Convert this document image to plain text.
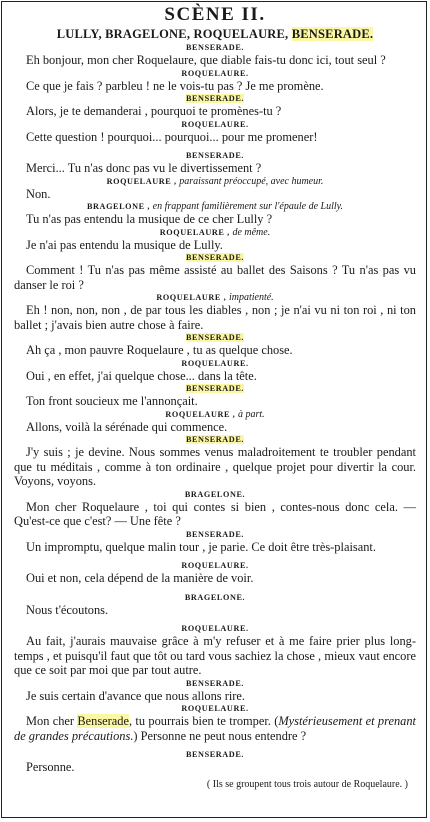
SCÈNE II.
LULLY, BRAGELONE, ROQUELAURE, BENSERADE.
BENSERADE.

Eh bonjour, mon cher Roquelaure, que diable fais-tu donc ici, tout seul ?

ROQUELAURE.

Ce que je fais ? parbleu ! ne le vois-tu pas ? Je me promène.

BENSERADE.

Alors, je te demanderai , pourquoi te promènes-tu ?

ROQUELAURE.

Cette question ! pourquoi... pourquoi... pour me promener!

BENSERADE.

Merci... Tu n'as donc pas vu le divertissement ?

ROQUELAURE , paraissant préoccupé, avec humeur.

Non.

BRAGELONE , en frappant familièrement sur l'épaule de Lully.

Tu n'as pas entendu la musique de ce cher Lully ?

ROQUELAURE , de même.

Je n'ai pas entendu la musique de Lully.

BENSERADE.

Comment ! Tu n'as pas même assisté au ballet des Saisons ? Tu n'as pas vu danser le roi ?

ROQUELAURE , impatienté.

Eh ! non, non, non , de par tous les diables , non ; je n'ai vu ni ton roi , ni ton ballet ; j'avais bien autre chose à faire.

BENSERADE.

Ah ça , mon pauvre Roquelaure , tu as quelque chose.

ROQUELAURE.

Oui , en effet, j'ai quelque chose... dans la tête.

BENSERADE.

Ton front soucieux me l'annonçait.

ROQUELAURE , à part.

Allons, voilà la sérénade qui commence.

BENSERADE.

J'y suis ; je devine. Nous sommes venus maladroitement te troubler pendant que tu méditais , comme à ton ordinaire , quelque projet pour divertir la cour. Voyons, voyons.

BRAGELONE.

Mon cher Roquelaure , toi qui contes si bien , contes-nous donc cela. — Qu'est-ce que c'est? — Une fête ?

BENSERADE.

Un impromptu, quelque malin tour , je parie. Ce doit être très-plaisant.

ROQUELAURE.

Oui et non, cela dépend de la manière de voir.

BRAGELONE.

Nous t'écoutons.

ROQUELAURE.

Au fait, j'aurais mauvaise grâce à m'y refuser et à me faire prier plus long-temps , et puisqu'il faut que tôt ou tard vous sachiez la chose , mieux vaut encore que ce soit par moi que par tout autre.

BENSERADE.

Je suis certain d'avance que nous allons rire.

ROQUELAURE.

Mon cher Benserade, tu pourrais bien te tromper. (Mystérieusement et prenant de grandes précautions.) Personne ne peut nous entendre ?

BENSERADE.

Personne.

( Ils se groupent tous trois autour de Roquelaure. )
